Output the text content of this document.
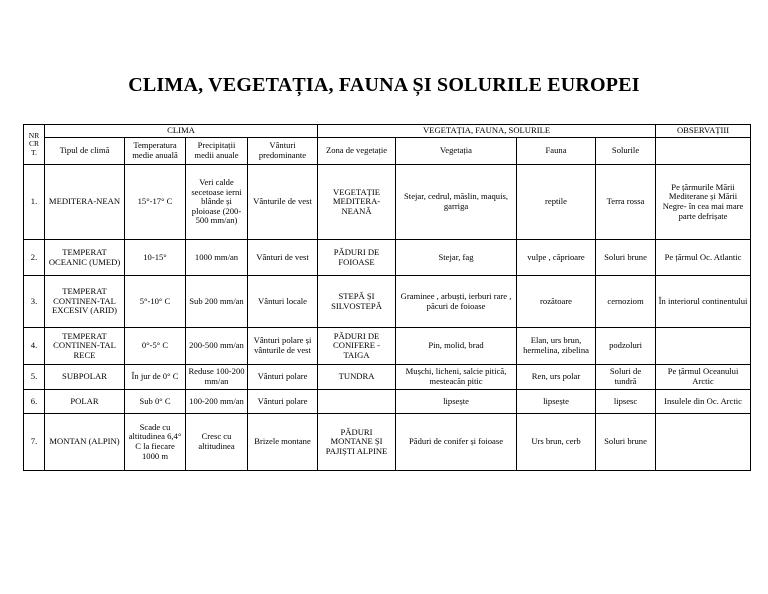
CLIMA, VEGETAȚIA, FAUNA ȘI SOLURILE EUROPEI
NR CR T.	CLIMA				VEGETAȚIA, FAUNA, SOLURILE				OBSERVAȚIII
	Tipul de climă	Temperatura medie anuală	Precipitații medii anuale	Vânturi predominante	Zona de vegetație	Vegetația	Fauna	Solurile	
1.	MEDITERA-NEAN	15°-17° C	Veri calde secetoase ierni blânde și ploioase (200-500 mm/an)	Vânturile de vest	VEGETAȚIE MEDITERA-NEANĂ	Stejar, cedrul, măslin, maquis, garriga	reptile	Terra rossa	Pe țărmurile Mării Mediterane și Mării Negre- în cea mai mare parte defrișate
2.	TEMPERAT OCEANIC (UMED)	10-15°	1000 mm/an	Vânturi de vest	PĂDURI DE FOIOASE	Stejar, fag	vulpe , căprioare	Soluri brune	Pe țărmul Oc. Atlantic
3.	TEMPERAT CONTINEN-TAL EXCESIV (ARID)	5°-10° C	Sub 200 mm/an	Vânturi locale	STEPĂ ȘI SILVOSTEPĂ	Graminee , arbuști, ierburi rare , păcuri de foioase	rozătoare	cernoziom	În interiorul continentului
4.	TEMPERAT CONTINEN-TAL RECE	0°-5° C	200-500 mm/an	Vânturi polare și vânturile de vest	PĂDURI DE CONIFERE - TAIGA	Pin, molid, brad	Elan, urs brun, hermelina, zibelina	podzoluri	
5.	SUBPOLAR	În jur de 0° C	Reduse 100-200 mm/an	Vânturi polare	TUNDRA	Mușchi, licheni, salcie pitică, mesteacăn pitic	Ren, urs polar	Soluri de tundră	Pe țărmul Oceanului Arctic
6.	POLAR	Sub 0° C	100-200 mm/an	Vânturi polare		lipsește	lipsește	lipsesc	Insulele din Oc. Arctic
7.	MONTAN (ALPIN)	Scade cu altitudinea 6,4° C la fiecare 1000 m	Cresc cu altitudinea	Brizele montane	PĂDURI MONTANE ȘI PAJIȘTI ALPINE	Păduri de conifer și foioase	Urs brun, cerb	Soluri brune	
